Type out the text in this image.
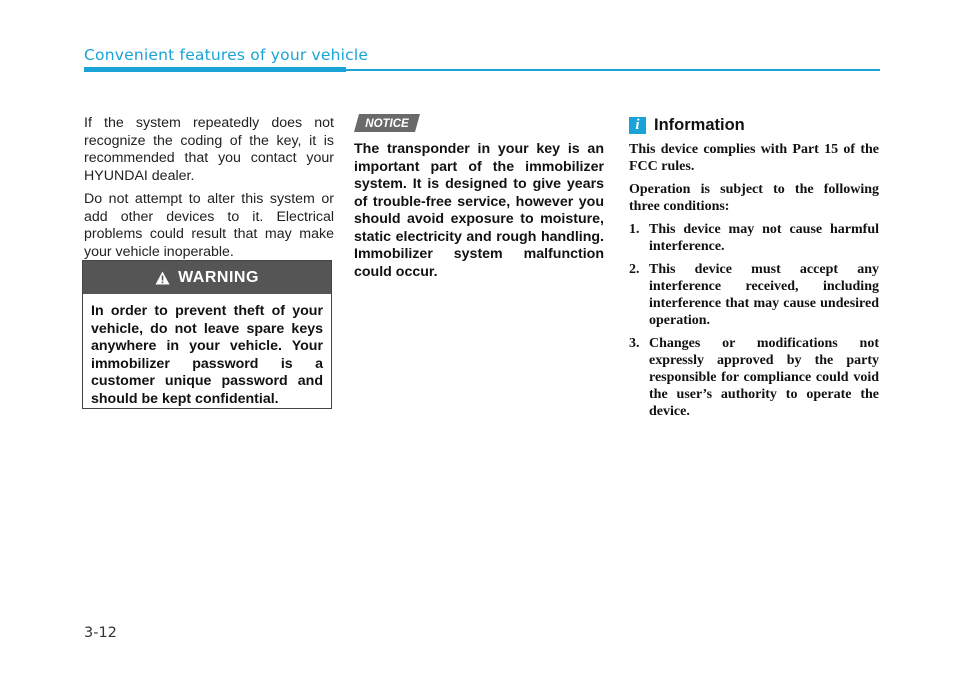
Convenient features of your vehicle

If the system repeatedly does not recognize the coding of the key, it is recommended that you contact your HYUNDAI dealer.

Do not attempt to alter this system or add other devices to it. Electrical problems could result that may make your vehicle inoperable.

WARNING
In order to prevent theft of your vehicle, do not leave spare keys anywhere in your vehicle. Your immobilizer password is a customer unique password and should be kept confidential.
NOTICE
The transponder in your key is an important part of the immobilizer system. It is designed to give years of trouble-free service, however you should avoid exposure to moisture, static electricity and rough handling. Immobilizer system malfunction could occur.
i Information

This device complies with Part 15 of the FCC rules.

Operation is subject to the following three conditions:

1. This device may not cause harmful interference.
2. This device must accept any interference received, including interference that may cause undesired operation.
3. Changes or modifications not expressly approved by the party responsible for compliance could void the user’s authority to operate the device.
3-12
